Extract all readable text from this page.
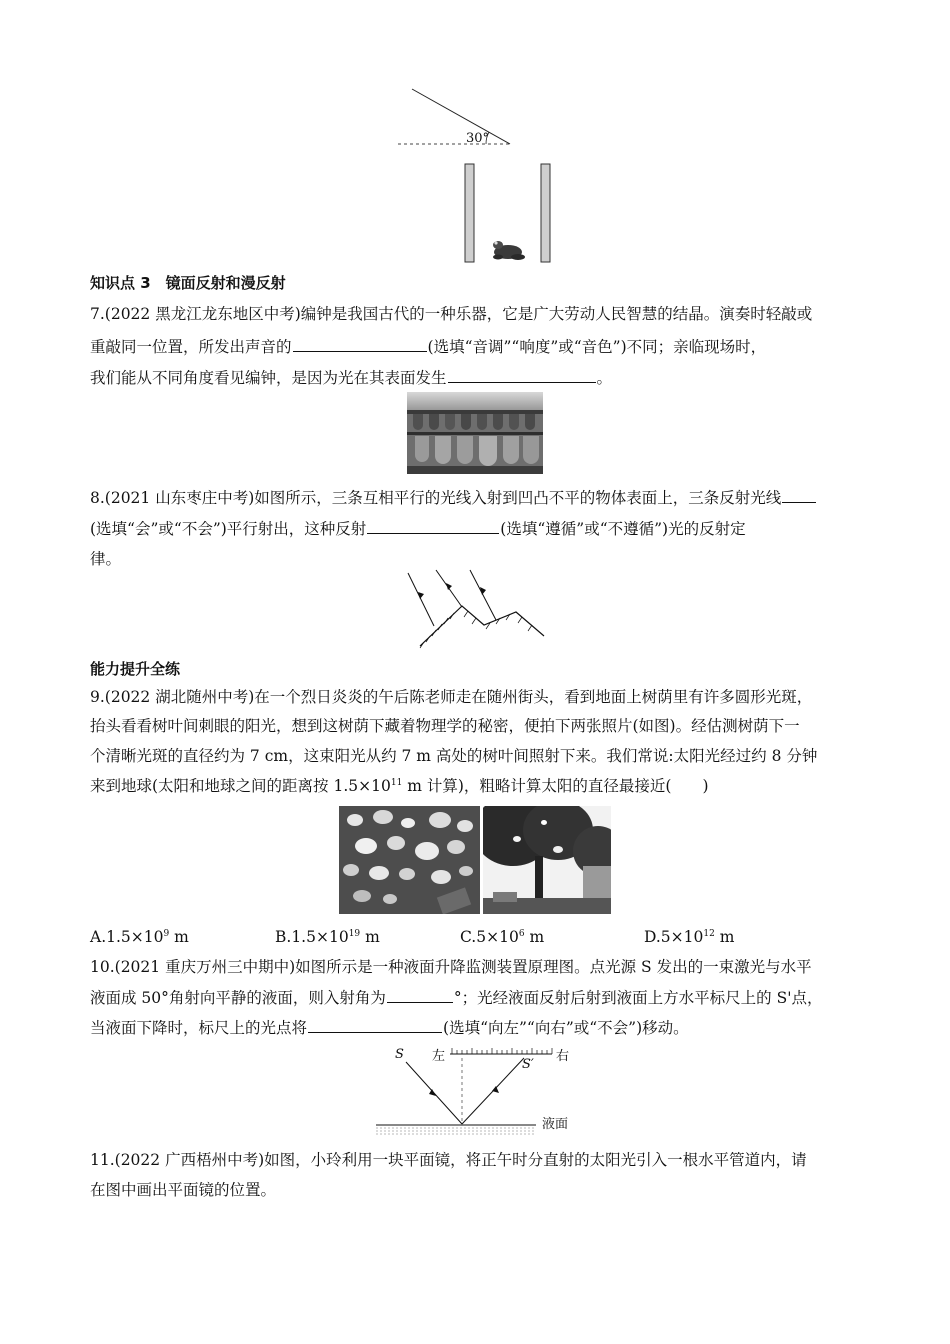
30°
知识点 3　镜面反射和漫反射
7.(2022 黑龙江龙东地区中考)编钟是我国古代的一种乐器，它是广大劳动人民智慧的结晶。演奏时轻敲或
重敲同一位置，所发出声音的	(选填“音调”“响度”或“音色”)不同；亲临现场时，
我们能从不同角度看见编钟，是因为光在其表面发生	。
8.(2021 山东枣庄中考)如图所示，三条互相平行的光线入射到凹凸不平的物体表面上，三条反射光线
(选填“会”或“不会”)平行射出，这种反射	(选填“遵循”或“不遵循”)光的反射定
律。
能力提升全练
9.(2022 湖北随州中考)在一个烈日炎炎的午后陈老师走在随州街头，看到地面上树荫里有许多圆形光斑，
抬头看看树叶间刺眼的阳光，想到这树荫下藏着物理学的秘密，便拍下两张照片(如图)。经估测树荫下一
个清晰光斑的直径约为 7 cm，这束阳光从约 7 m 高处的树叶间照射下来。我们常说:太阳光经过约 8 分钟
来到地球(太阳和地球之间的距离按 $1.5\times 10^{11}$ m 计算)，粗略计算太阳的直径最接近(　　)
$A.1.5\times 10^9$ m	$B.1.5\times 10^{19}$ m	$C.5\times 10^6$ m	$D.5\times 10^{12}$ m
10.(2021 重庆万州三中期中)如图所示是一种液面升降监测装置原理图。点光源 S 发出的一束激光与水平
液面成 50°角射向平静的液面，则入射角为	°；光经液面反射后射到液面上方水平标尺上的 S'点，
当液面下降时，标尺上的光点将	(选填“向左”“向右”或“不会”)移动。
S 左	右
S′
液面
11.(2022 广西梧州中考)如图，小玲利用一块平面镜，将正午时分直射的太阳光引入一根水平管道内，请
在图中画出平面镜的位置。
